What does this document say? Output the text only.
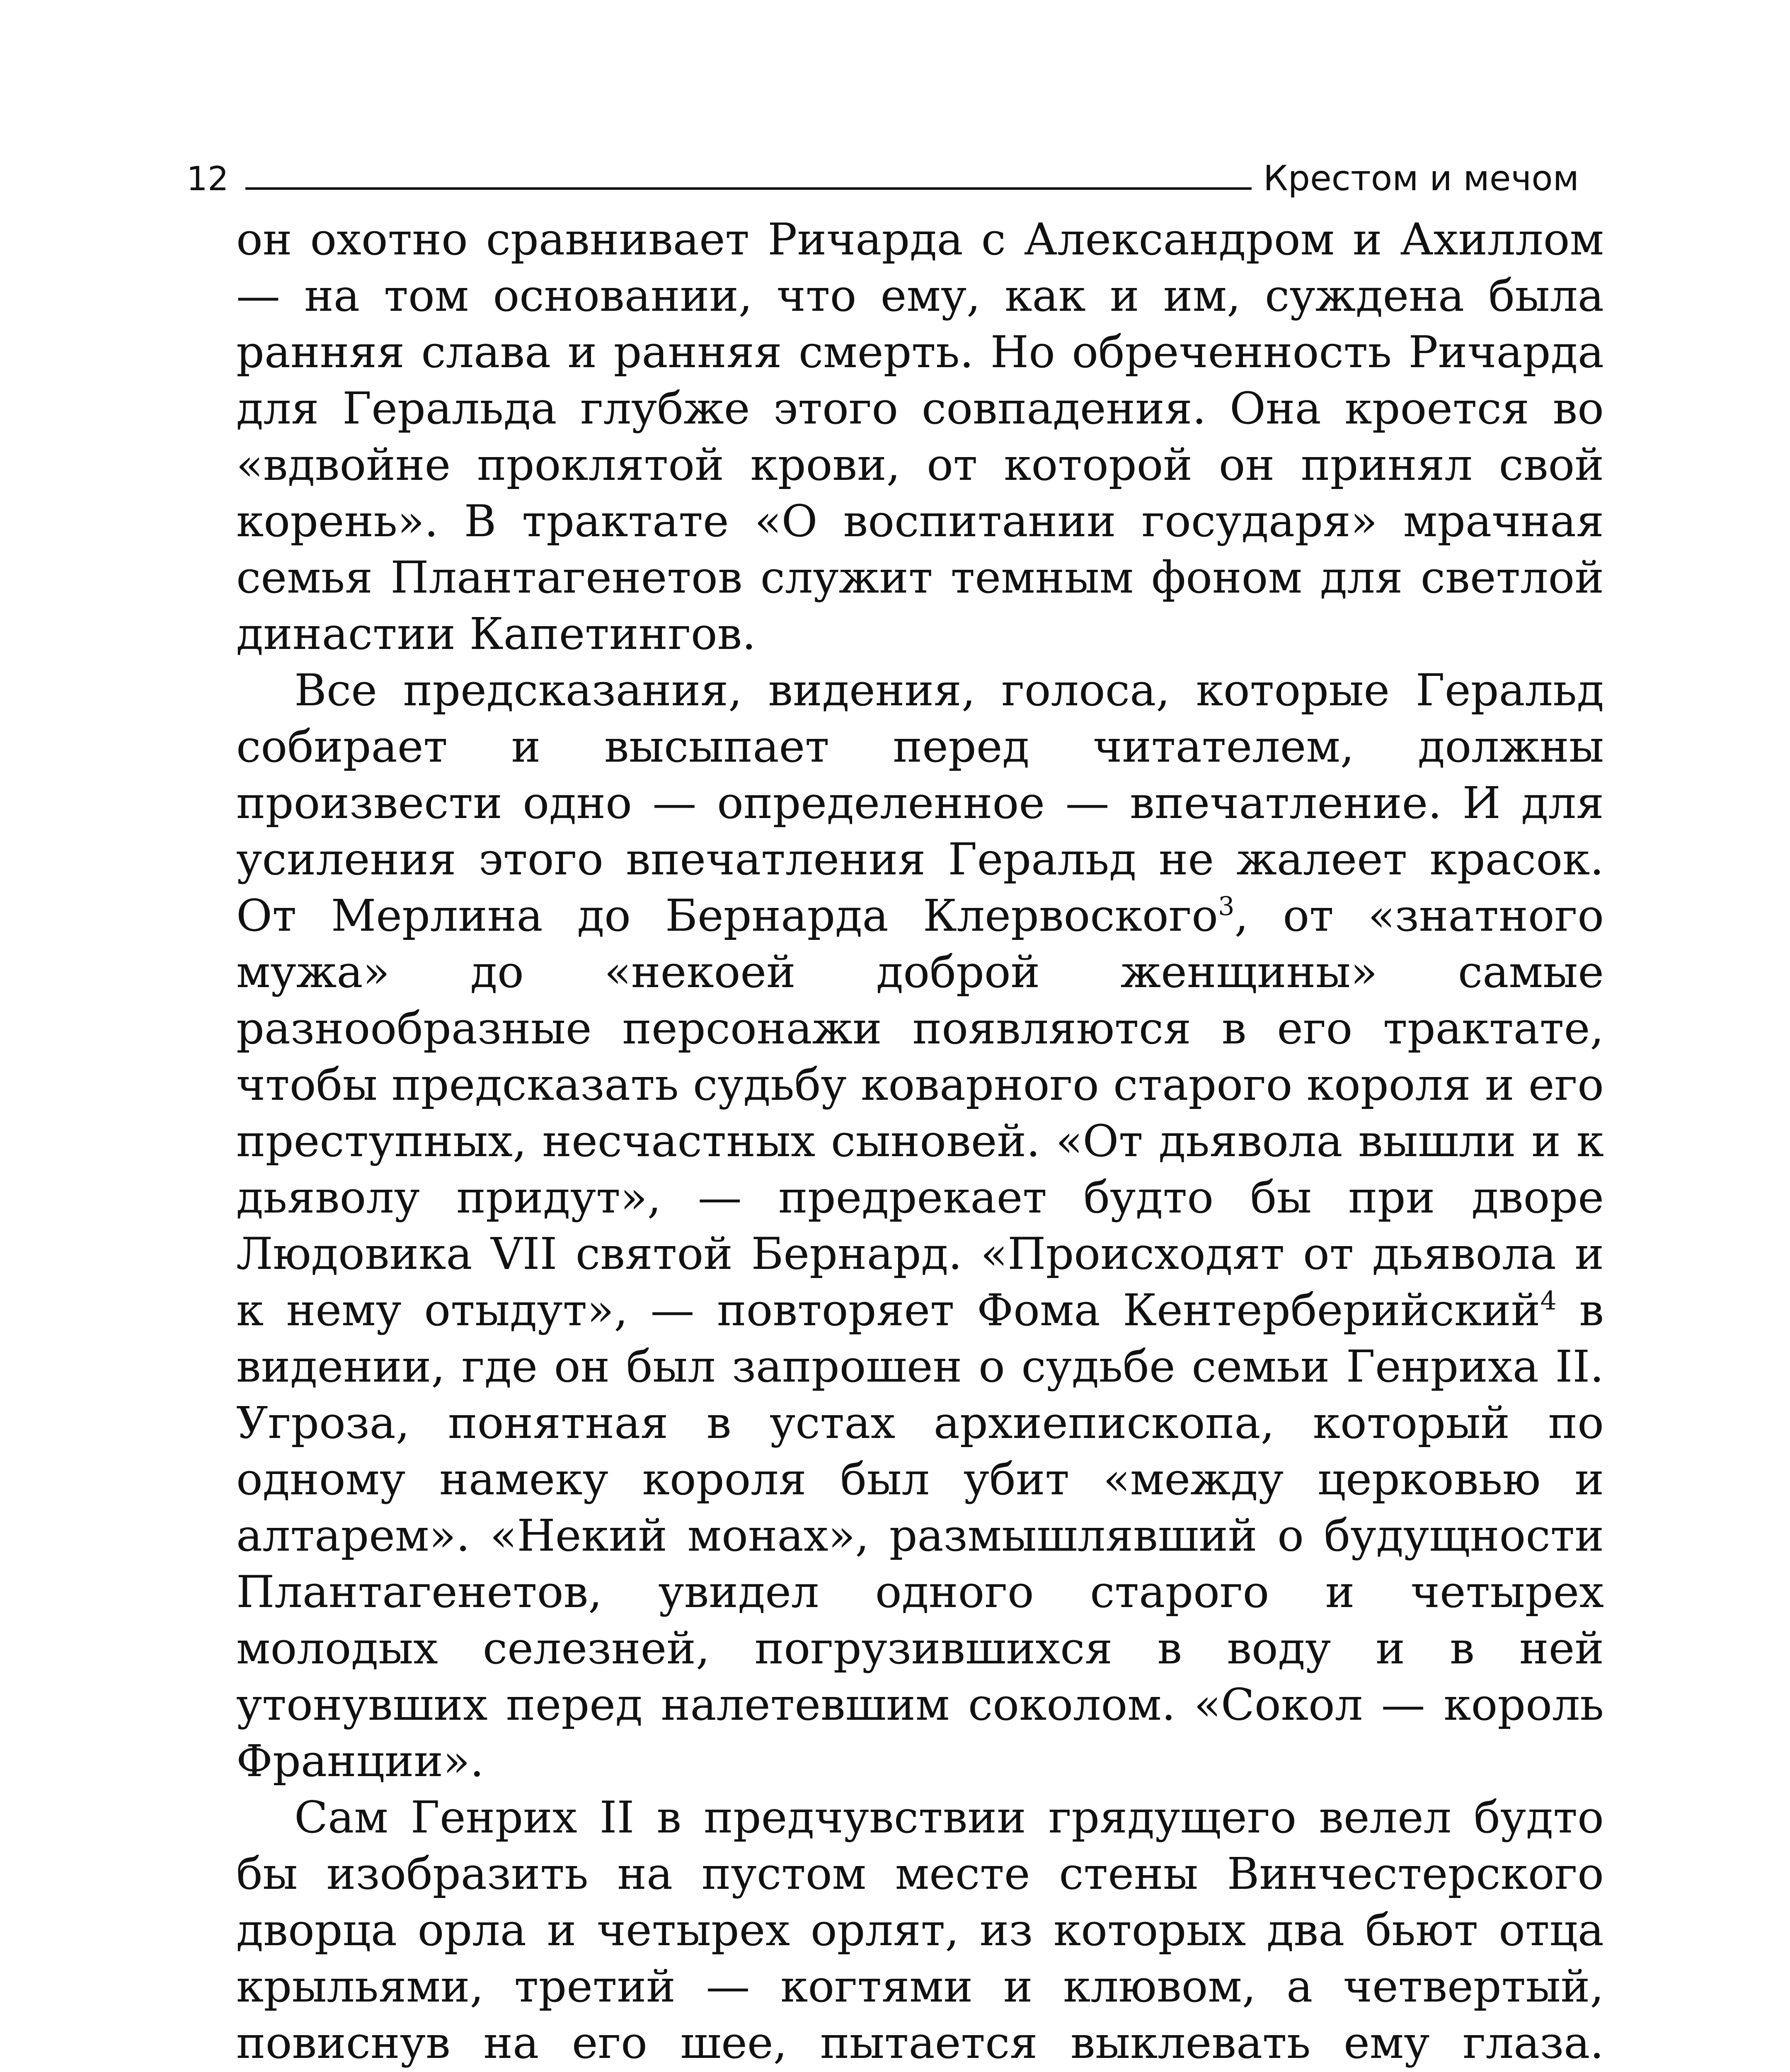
12	Крестом и мечом

он охотно сравнивает Ричарда с Александром и Ахиллом — на том основании, что ему, как и им, суждена была ранняя слава и ранняя смерть. Но обреченность Ричарда для Геральда глубже этого совпадения. Она кроется во «вдвойне проклятой крови, от которой он принял свой корень». В трактате «О воспитании государя» мрачная семья Плантагенетов служит темным фоном для светлой династии Капетингов.

Все предсказания, видения, голоса, которые Геральд собирает и высыпает перед читателем, должны произвести одно — определенное — впечатление. И для усиления этого впечатления Геральд не жалеет красок. От Мерлина до Бернарда Клервоского$^3$, от «знатного мужа» до «некоей доброй женщины» самые разнообразные персонажи появляются в его трактате, чтобы предсказать судьбу коварного старого короля и его преступных, несчастных сыновей. «От дьявола вышли и к дьяволу придут», — предрекает будто бы при дворе Людовика VII святой Бернард. «Происходят от дьявола и к нему отыдут», — повторяет Фома Кентерберийский$^4$ в видении, где он был запрошен о судьбе семьи Генриха II. Угроза, понятная в устах архиепископа, который по одному намеку короля был убит «между церковью и алтарем». «Некий монах», размышлявший о будущности Плантагенетов, увидел одного старого и четырех молодых селезней, погрузившихся в воду и в ней утонувших перед налетевшим соколом. «Сокол — король Франции».

Сам Генрих II в предчувствии грядущего велел будто бы изобразить на пустом месте стены Винчестерского дворца орла и четырех орлят, из которых два бьют отца крыльями, третий — когтями и клювом, а четвертый, повиснув на его шее, пытается выклевать ему глаза.
